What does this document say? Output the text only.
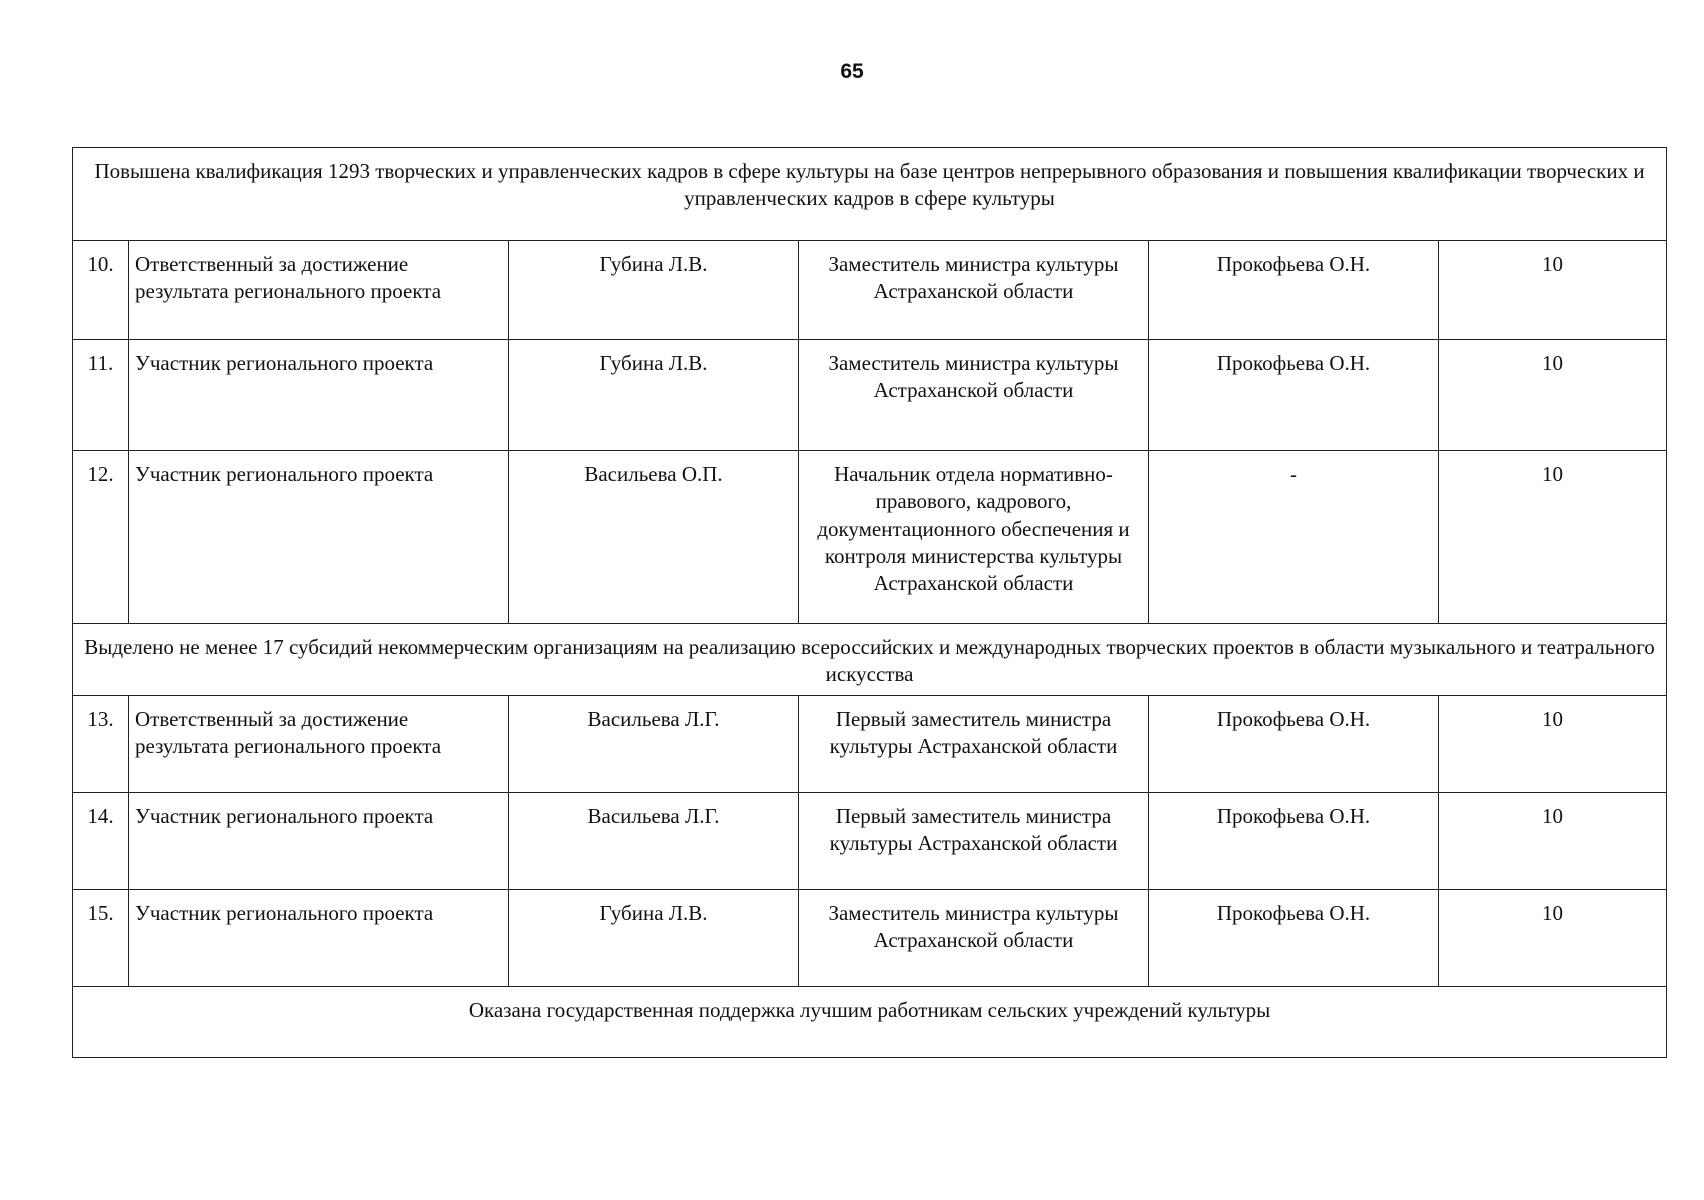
65
Повышена квалификация 1293 творческих и управленческих кадров в сфере культуры на базе центров непрерывного образования и повышения квалификации творческих и управленческих кадров в сфере культуры					
10.	Ответственный за достижение результата регионального проекта	Губина Л.В.	Заместитель министра культуры Астраханской области	Прокофьева О.Н.	10
11.	Участник регионального проекта	Губина Л.В.	Заместитель министра культуры Астраханской области	Прокофьева О.Н.	10
12.	Участник регионального проекта	Васильева О.П.	Начальник отдела нормативно-правового, кадрового, документационного обеспечения и контроля министерства культуры Астраханской области	-	10
Выделено не менее 17 субсидий некоммерческим организациям на реализацию всероссийских и международных творческих проектов в области музыкального и театрального искусства					
13.	Ответственный за достижение результата регионального проекта	Васильева Л.Г.	Первый заместитель министра культуры Астраханской области	Прокофьева О.Н.	10
14.	Участник регионального проекта	Васильева Л.Г.	Первый заместитель министра культуры Астраханской области	Прокофьева О.Н.	10
15.	Участник регионального проекта	Губина Л.В.	Заместитель министра культуры Астраханской области	Прокофьева О.Н.	10
Оказана государственная поддержка лучшим работникам сельских учреждений культуры					
